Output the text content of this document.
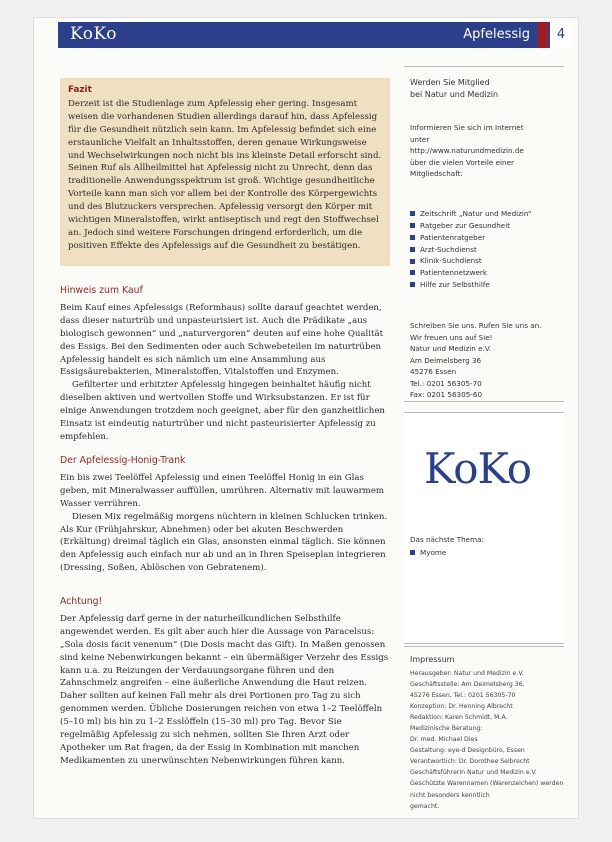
KoKo	Apfelessig	4
Fazit

Derzeit ist die Studienlage zum Apfelessig eher gering. Insgesamt weisen die vorhandenen Studien allerdings darauf hin, dass Apfelessig für die Gesundheit nützlich sein kann. Im Apfelessig befindet sich eine erstaunliche Vielfalt an Inhaltsstoffen, deren genaue Wirkungsweise und Wechselwirkungen noch nicht bis ins kleinste Detail erforscht sind.

Seinen Ruf als Allheilmittel hat Apfelessig nicht zu Unrecht, denn das traditionelle Anwendungsspektrum ist groß. Wichtige gesundheitliche Vorteile kann man sich vor allem bei der Kontrolle des Körpergewichts und des Blutzuckers versprechen. Apfelessig versorgt den Körper mit wichtigen Mineralstoffen, wirkt antiseptisch und regt den Stoffwechsel an. Jedoch sind weitere Forschungen dringend erforderlich, um die positiven Effekte des Apfelessigs auf die Gesundheit zu bestätigen.

Hinweis zum Kauf

Beim Kauf eines Apfelessigs (Reformhaus) sollte darauf geachtet werden, dass dieser naturtrüb und unpasteurisiert ist. Auch die Prädikate „aus biologisch gewonnen“ und „naturvergoren“ deuten auf eine hohe Qualität des Essigs. Bei den Sedimenten oder auch Schwebeteilen im naturtrüben Apfelessig handelt es sich nämlich um eine Ansammlung aus Essigsäurebakterien, Mineralstoffen, Vitalstoffen und Enzymen.

Gefilterter und erhitzter Apfelessig hingegen beinhaltet häufig nicht dieselben aktiven und wertvollen Stoffe und Wirksubstanzen. Er ist für einige Anwendungen trotzdem noch geeignet, aber für den ganzheitlichen Einsatz ist eindeutig naturtrüber und nicht pasteurisierter Apfelessig zu empfehlen.

Der Apfelessig-Honig-Trank

Ein bis zwei Teelöffel Apfelessig und einen Teelöffel Honig in ein Glas geben, mit Mineralwasser auffüllen, umrühren. Alternativ mit lauwarmem Wasser verrühren.

Diesen Mix regelmäßig morgens nüchtern in kleinen Schlucken trinken. Als Kur (Frühjahrskur, Abnehmen) oder bei akuten Beschwerden (Erkältung) dreimal täglich ein Glas, ansonsten einmal täglich. Sie können den Apfelessig auch einfach nur ab und an in Ihren Speiseplan integrieren (Dressing, Soßen, Ablöschen von Gebratenem).

Achtung!

Der Apfelessig darf gerne in der naturheilkundlichen Selbsthilfe angewendet werden. Es gilt aber auch hier die Aussage von Paracelsus: „Sola dosis facit venenum“ (Die Dosis macht das Gift). In Maßen genossen sind keine Nebenwirkungen bekannt – ein übermäßiger Verzehr des Essigs kann u.a. zu Reizungen der Verdauungsorgane führen und den Zahnschmelz angreifen – eine äußerliche Anwendung die Haut reizen. Daher sollten auf keinen Fall mehr als drei Portionen pro Tag zu sich genommen werden. Übliche Dosierungen reichen von etwa 1–2 Teelöffeln (5–10 ml) bis hin zu 1–2 Esslöffeln (15–30 ml) pro Tag. Bevor Sie regelmäßig Apfelessig zu sich nehmen, sollten Sie Ihren Arzt oder Apotheker um Rat fragen, da der Essig in Kombination mit manchen Medikamenten zu unerwünschten Nebenwirkungen führen kann.

Werden Sie Mitglied
bei Natur und Medizin
Informieren Sie sich im Internet
unter
http://www.naturundmedizin.de
über die vielen Vorteile einer
Mitgliedschaft:
Zeitschrift „Natur und Medizin“
Ratgeber zur Gesundheit
Patientenratgeber
Arzt-Suchdienst
Klinik-Suchdienst
Patientennetzwerk
Hilfe zur Selbsthilfe
Schreiben Sie uns. Rufen Sie uns an.
Wir freuen uns auf Sie!
Natur und Medizin e.V.
Am Deimelsberg 36
45276 Essen
Tel.: 0201 56305-70
Fax: 0201 56305-60
KoKo
Das nächste Thema:
Myome
Impressum
Herausgeber: Natur und Medizin e.V.
Geschäftsstelle: Am Deimelsberg 36,
45276 Essen, Tel.: 0201 56305-70
Konzeption: Dr. Henning Albrecht
Redaktion: Karen Schmidt, M.A.
Medizinische Beratung:
Dr. med. Michael Dies
Gestaltung: eye-d Designbüro, Essen
Verantwortlich: Dr. Dorothee Selbrecht
Geschäftsführerin Natur und Medizin e.V.
Geschützte Warennamen (Warenzeichen) werden nicht besonders kenntlich
gemacht.
